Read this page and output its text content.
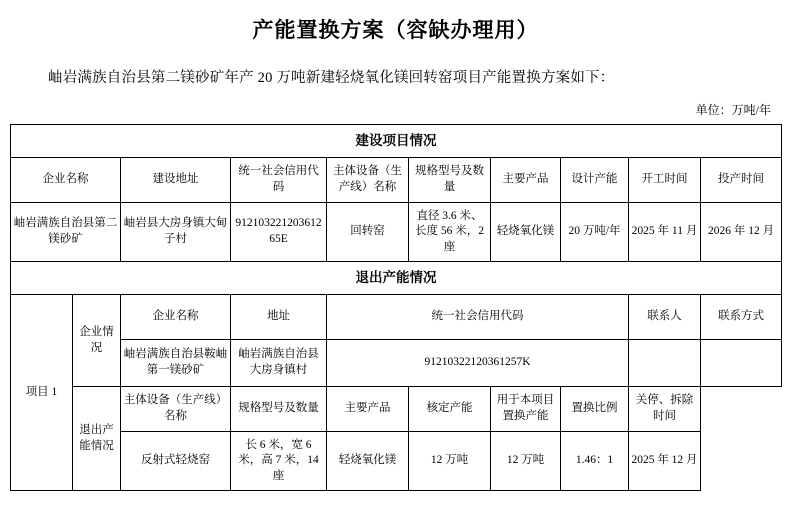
产能置换方案（容缺办理用）
岫岩满族自治县第二镁砂矿年产 20 万吨新建轻烧氧化镁回转窑项目产能置换方案如下：
单位：万吨/年
建设项目情况									
企业名称		建设地址	统一社会信用代码	主体设备（生产线）名称	规格型号及数量	主要产品	设计产能	开工时间	投产时间
岫岩满族自治县第二镁砂矿		岫岩县大房身镇大甸子村	91210322120361265E	回转窑	直径 3.6 米、长度 56 米，2 座	轻烧氧化镁	20 万吨/年	2025 年 11 月	2026 年 12 月
退出产能情况									
项目 1	企业情况	企业名称	地址	统一社会信用代码				联系人	联系方式
		岫岩满族自治县鞍岫第一镁砂矿	岫岩满族自治县大房身镇村	91210322120361257K					
	退出产能情况	主体设备（生产线）名称	规格型号及数量	主要产品	核定产能	用于本项目置换产能	置换比例	关停、拆除时间	
		反射式轻烧窑	长 6 米，宽 6 米，高 7 米，14 座	轻烧氧化镁	12 万吨	12 万吨	1.46：1	2025 年 12 月	
